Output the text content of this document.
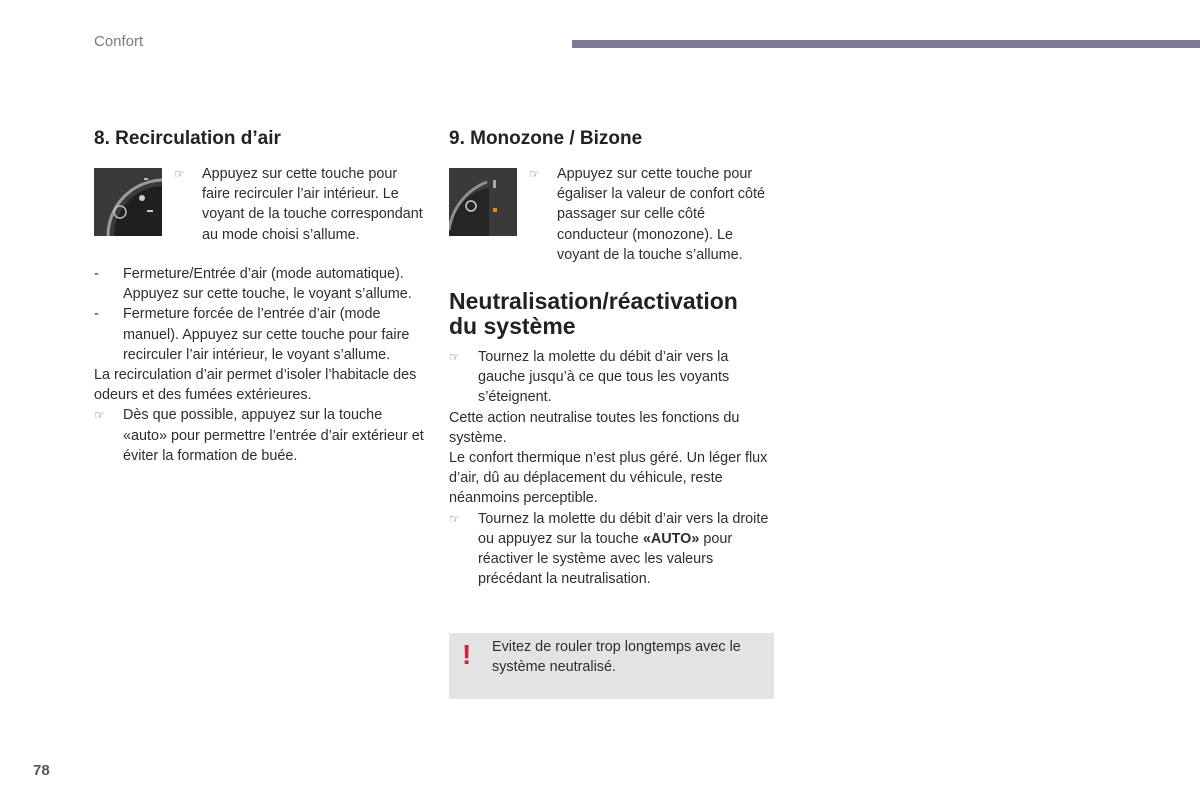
Confort
8. Recirculation d’air
☞ Appuyez sur cette touche pour faire recirculer l’air intérieur. Le voyant de la touche correspondant au mode choisi s’allume.
- Fermeture/Entrée d’air (mode automatique). Appuyez sur cette touche, le voyant s’allume.
- Fermeture forcée de l’entrée d’air (mode manuel). Appuyez sur cette touche pour faire recirculer l’air intérieur, le voyant s’allume.

La recirculation d’air permet d’isoler l’habitacle des odeurs et des fumées extérieures.

☞ Dès que possible, appuyez sur la touche «auto» pour permettre l’entrée d’air extérieur et éviter la formation de buée.
9. Monozone / Bizone
☞ Appuyez sur cette touche pour égaliser la valeur de confort côté passager sur celle côté conducteur (monozone). Le voyant de la touche s’allume.
Neutralisation/réactivation
du système
☞ Tournez la molette du débit d’air vers la gauche jusqu’à ce que tous les voyants s’éteignent.

Cette action neutralise toutes les fonctions du système.

Le confort thermique n’est plus géré. Un léger flux d’air, dû au déplacement du véhicule, reste néanmoins perceptible.

☞ Tournez la molette du débit d’air vers la droite ou appuyez sur la touche «AUTO» pour réactiver le système avec les valeurs précédant la neutralisation.
! Evitez de rouler trop longtemps avec le système neutralisé.
78
